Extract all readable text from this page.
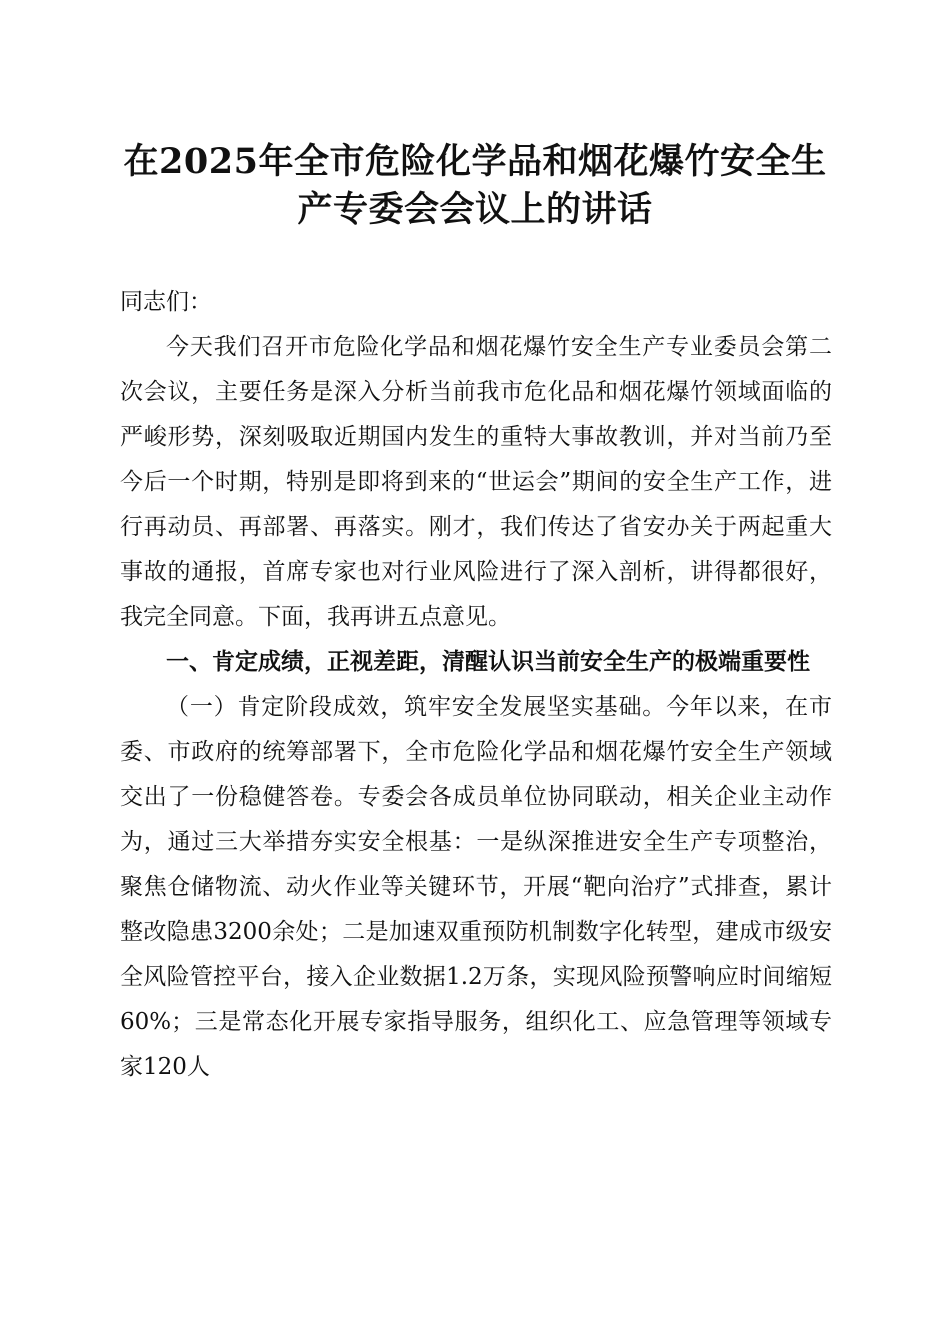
在2025年全市危险化学品和烟花爆竹安全生
产专委会会议上的讲话

同志们：

今天我们召开市危险化学品和烟花爆竹安全生产专业委员会第二次会议，主要任务是深入分析当前我市危化品和烟花爆竹领域面临的严峻形势，深刻吸取近期国内发生的重特大事故教训，并对当前乃至今后一个时期，特别是即将到来的“世运会”期间的安全生产工作，进行再动员、再部署、再落实。刚才，我们传达了省安办关于两起重大事故的通报，首席专家也对行业风险进行了深入剖析，讲得都很好，我完全同意。下面，我再讲五点意见。

一、肯定成绩，正视差距，清醒认识当前安全生产的极端重要性

（一）肯定阶段成效，筑牢安全发展坚实基础。今年以来，在市委、市政府的统筹部署下，全市危险化学品和烟花爆竹安全生产领域交出了一份稳健答卷。专委会各成员单位协同联动，相关企业主动作为，通过三大举措夯实安全根基：一是纵深推进安全生产专项整治，聚焦仓储物流、动火作业等关键环节，开展“靶向治疗”式排查，累计整改隐患3200余处；二是加速双重预防机制数字化转型，建成市级安全风险管控平台，接入企业数据1.2万条，实现风险预警响应时间缩短60%；三是常态化开展专家指导服务，组织化工、应急管理等领域专家120人
